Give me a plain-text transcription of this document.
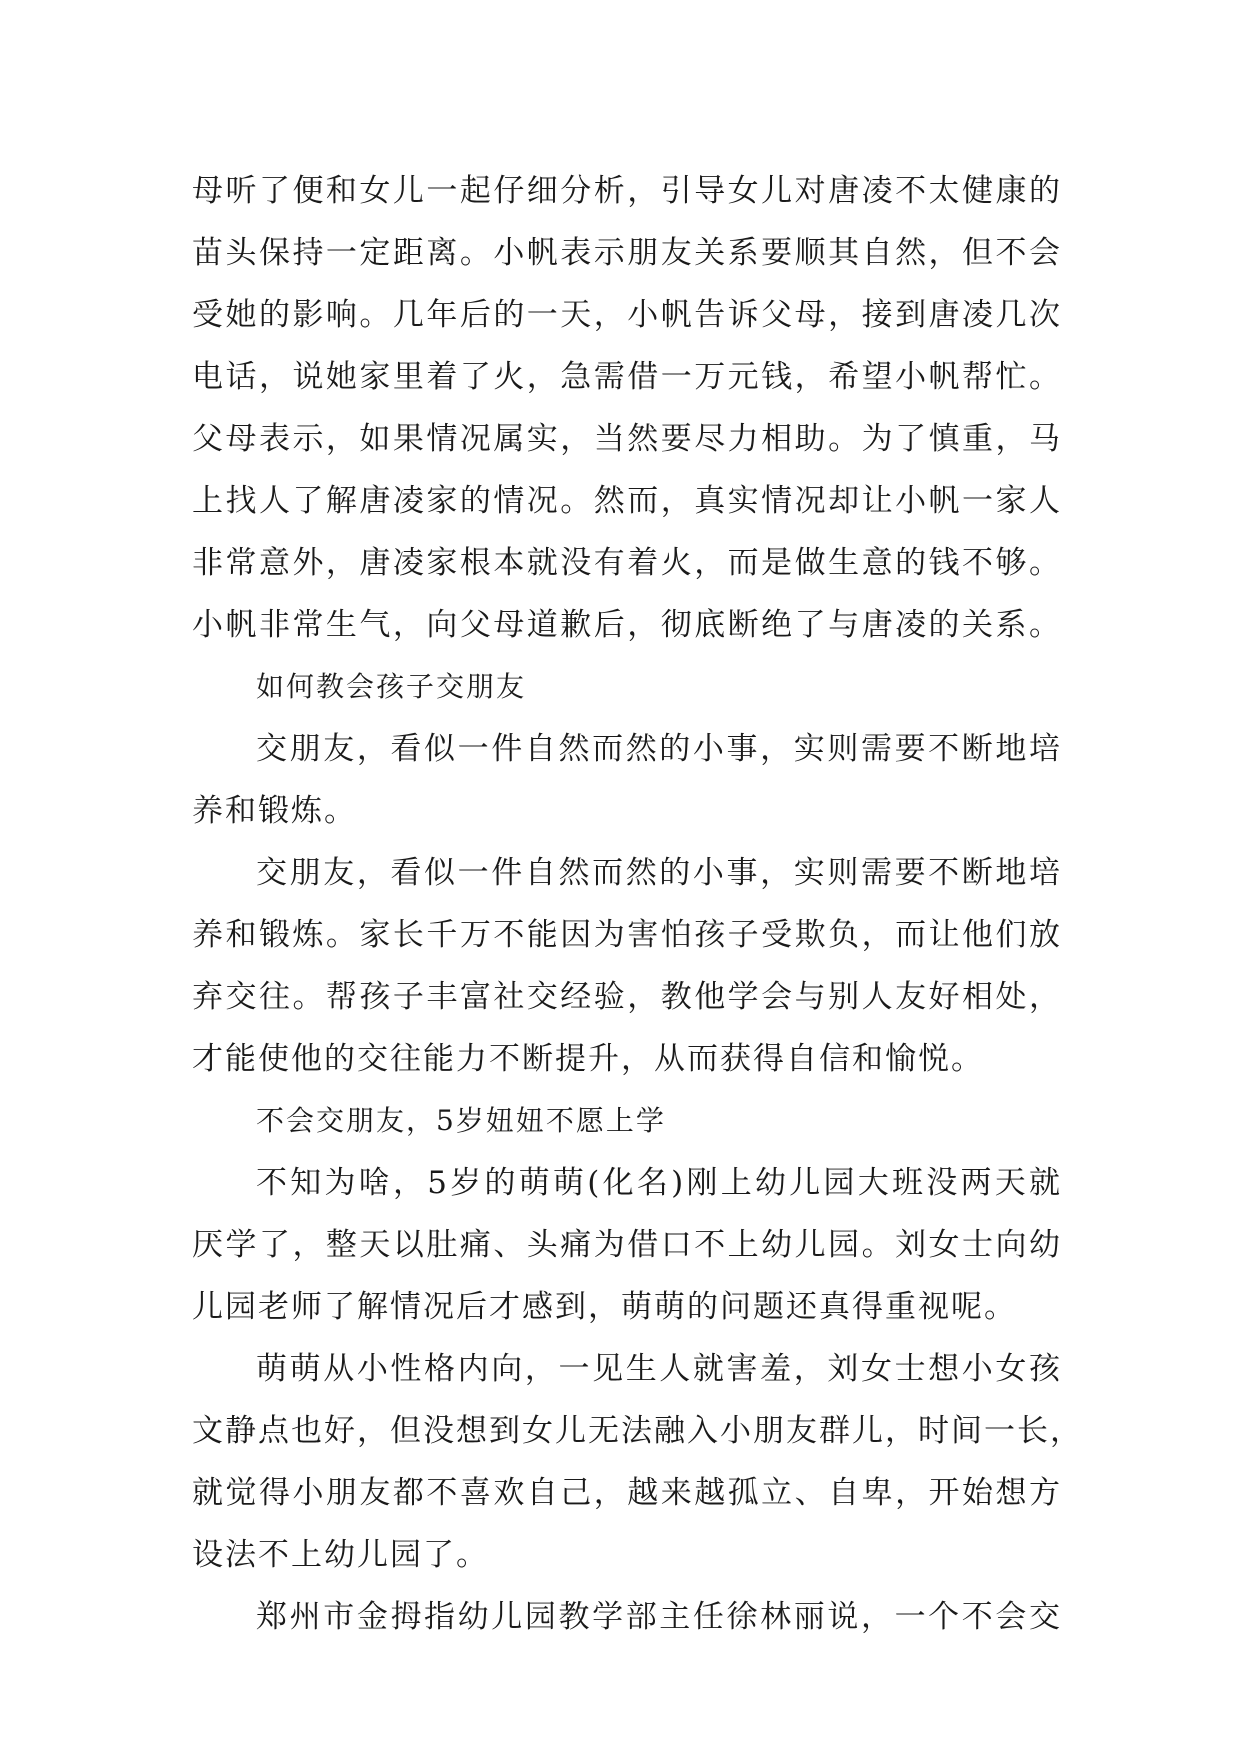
母听了便和女儿一起仔细分析，引导女儿对唐凌不太健康的
苗头保持一定距离。小帆表示朋友关系要顺其自然，但不会
受她的影响。几年后的一天，小帆告诉父母，接到唐凌几次
电话，说她家里着了火，急需借一万元钱，希望小帆帮忙。
父母表示，如果情况属实，当然要尽力相助。为了慎重，马
上找人了解唐凌家的情况。然而，真实情况却让小帆一家人
非常意外，唐凌家根本就没有着火，而是做生意的钱不够。
小帆非常生气，向父母道歉后，彻底断绝了与唐凌的关系。
如何教会孩子交朋友
交朋友，看似一件自然而然的小事，实则需要不断地培
养和锻炼。
交朋友，看似一件自然而然的小事，实则需要不断地培
养和锻炼。家长千万不能因为害怕孩子受欺负，而让他们放
弃交往。帮孩子丰富社交经验，教他学会与别人友好相处，
才能使他的交往能力不断提升，从而获得自信和愉悦。
不会交朋友，5岁妞妞不愿上学
不知为啥，5岁的萌萌(化名)刚上幼儿园大班没两天就
厌学了，整天以肚痛、头痛为借口不上幼儿园。刘女士向幼
儿园老师了解情况后才感到，萌萌的问题还真得重视呢。
萌萌从小性格内向，一见生人就害羞，刘女士想小女孩
文静点也好，但没想到女儿无法融入小朋友群儿，时间一长，
就觉得小朋友都不喜欢自己，越来越孤立、自卑，开始想方
设法不上幼儿园了。
郑州市金拇指幼儿园教学部主任徐林丽说，一个不会交
